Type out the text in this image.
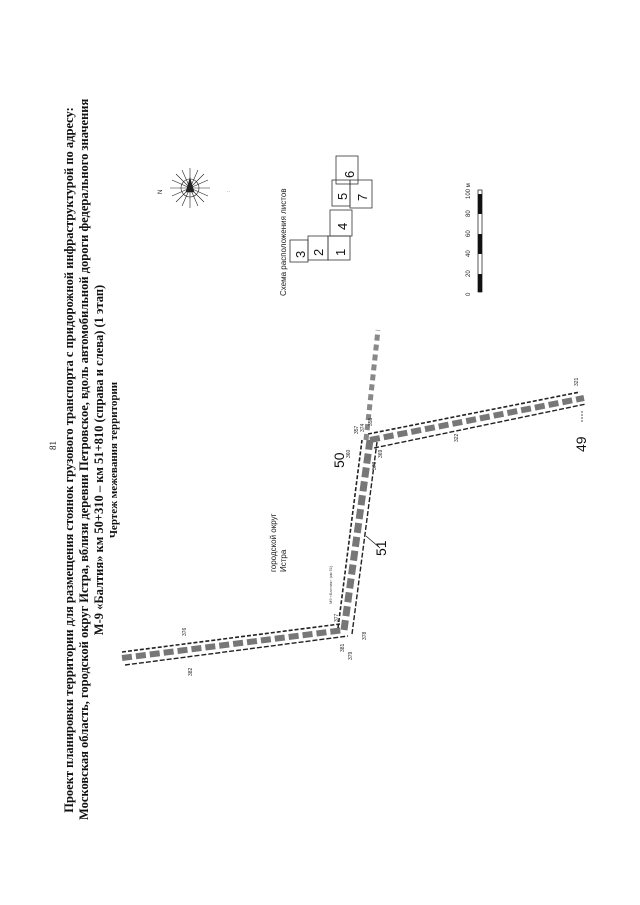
81 Проект планировки территории для размещения стоянок грузового транспорта с придорожной инфраструктурой по адресу: Московская область, городской округ Истра, вблизи деревни Петровское, вдоль автомобильной дороги федерального значения М-9 «Балтия» км 50+310 – км 51+810 (справа и слева) (1 этап) Чертеж межевания территории
376
382
377
381
379
378
357
360
374
355
373
369
322
321
50
51
49
городской округ Истра
М9 «Балтия» (км 51)
N	:	Схема расположения листов 3 2 1
4
5
6
7
0
20
40
60
80
100 м
